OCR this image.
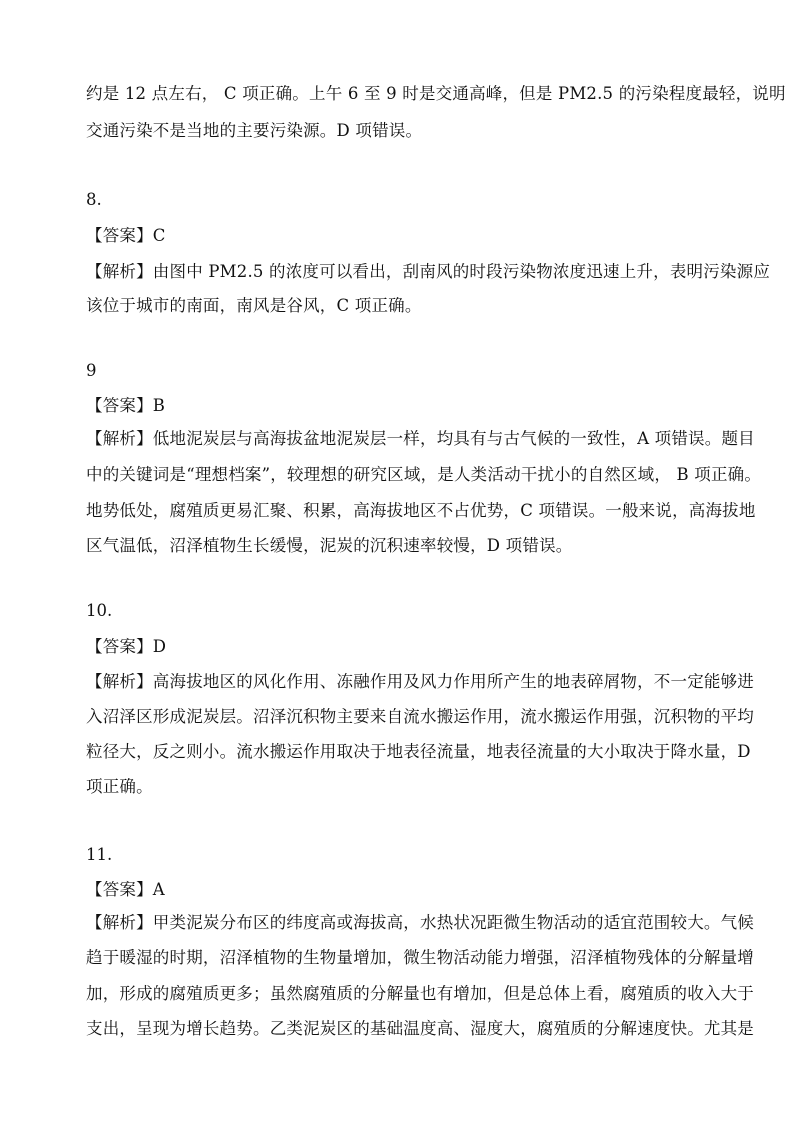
约是 12 点左右， C 项正确。上午 6 至 9 时是交通高峰，但是 PM2.5 的污染程度最轻，说明
交通污染不是当地的主要污染源。D 项错误。
8.
【答案】C
【解析】由图中 PM2.5 的浓度可以看出，刮南风的时段污染物浓度迅速上升，表明污染源应
该位于城市的南面，南风是谷风，C 项正确。
9
【答案】B
【解析】低地泥炭层与高海拔盆地泥炭层一样，均具有与古气候的一致性，A 项错误。题目
中的关键词是“理想档案”，较理想的研究区域，是人类活动干扰小的自然区域， B 项正确。
地势低处，腐殖质更易汇聚、积累，高海拔地区不占优势，C 项错误。一般来说，高海拔地
区气温低，沼泽植物生长缓慢，泥炭的沉积速率较慢，D 项错误。
10.
【答案】D
【解析】高海拔地区的风化作用、冻融作用及风力作用所产生的地表碎屑物，不一定能够进
入沼泽区形成泥炭层。沼泽沉积物主要来自流水搬运作用，流水搬运作用强，沉积物的平均
粒径大，反之则小。流水搬运作用取决于地表径流量，地表径流量的大小取决于降水量，D
项正确。
11.
【答案】A
【解析】甲类泥炭分布区的纬度高或海拔高，水热状况距微生物活动的适宜范围较大。气候
趋于暖湿的时期，沼泽植物的生物量增加，微生物活动能力增强，沼泽植物残体的分解量增
加，形成的腐殖质更多；虽然腐殖质的分解量也有增加，但是总体上看，腐殖质的收入大于
支出，呈现为增长趋势。乙类泥炭区的基础温度高、湿度大，腐殖质的分解速度快。尤其是
